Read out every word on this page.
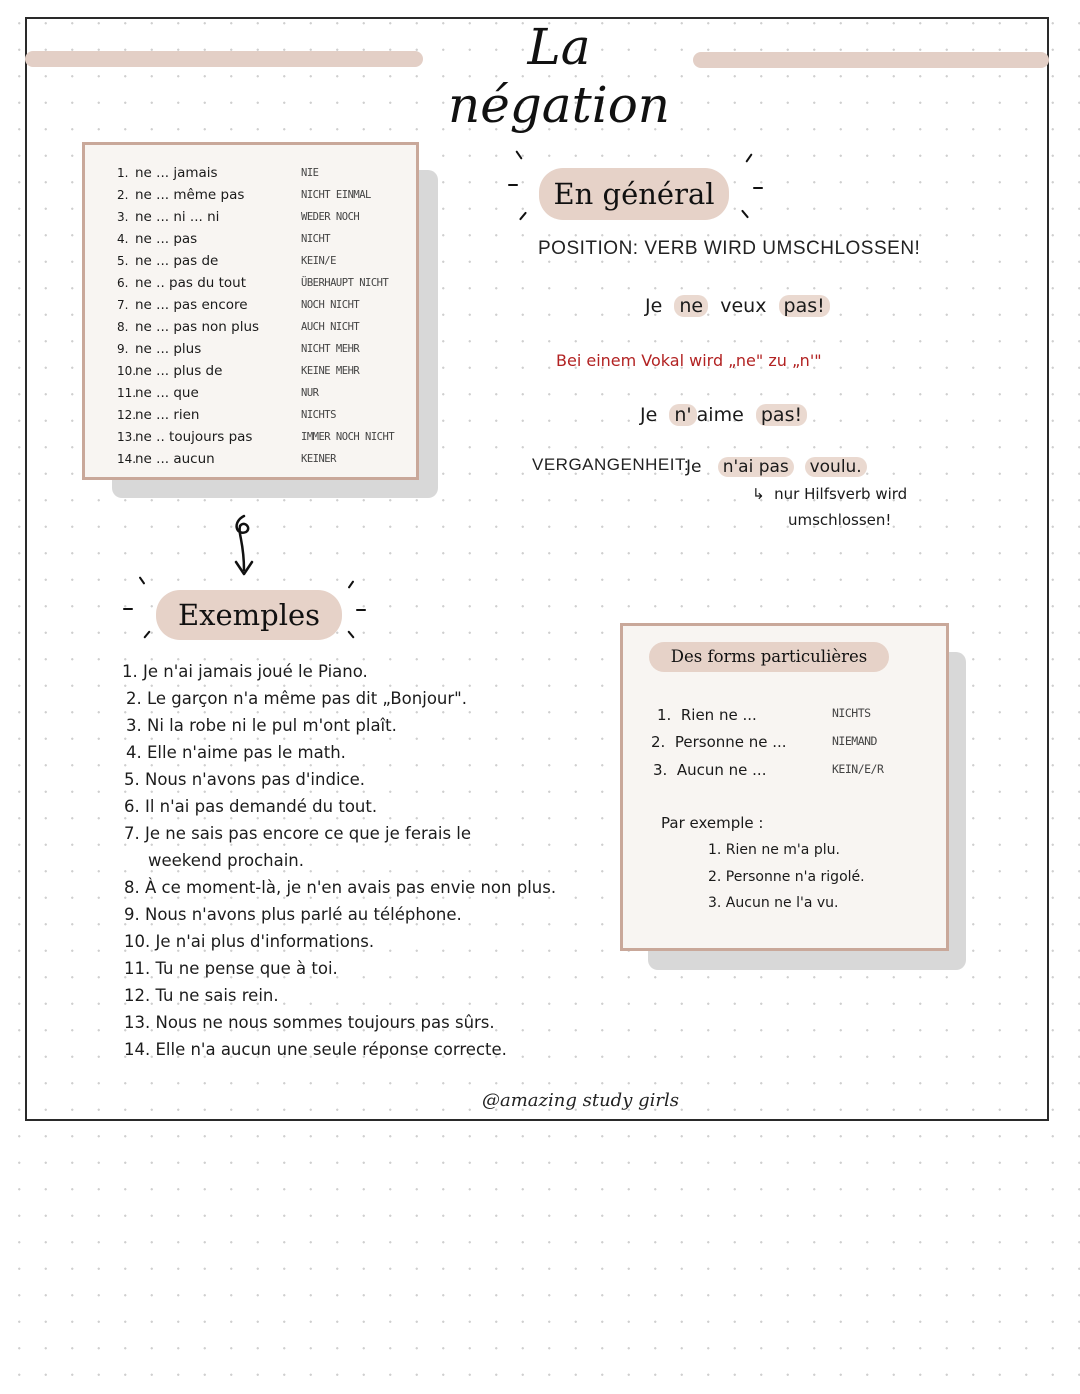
La négation
1. ne ... jamais	NIE
2. ne ... même pas	NICHT EINMAL
3. ne ... ni ... ni	WEDER NOCH
4. ne ... pas	NICHT
5. ne ... pas de	KEIN/E
6. ne .. pas du tout	ÜBERHAUPT NICHT
7. ne ... pas encore	NOCH NICHT
8. ne ... pas non plus	AUCH NICHT
9. ne ... plus	NICHT MEHR
10.ne ... plus de	KEINE MEHR
11.ne ... que	NUR
12.ne ... rien	NICHTS
13.ne .. toujours pas	IMMER NOCH NICHT
14.ne ... aucun	KEINER
Exemples
1. Je n'ai jamais joué le Piano.
2. Le garçon n'a même pas dit „Bonjour".
3. Ni la robe ni le pul m'ont plaît.
4. Elle n'aime pas le math.
5. Nous n'avons pas d'indice.
6. Il n'ai pas demandé du tout.
7. Je ne sais pas encore ce que je ferais le
weekend prochain.
8. À ce moment-là, je n'en avais pas envie non plus.
9. Nous n'avons plus parlé au téléphone.
10. Je n'ai plus d'informations.
11. Tu ne pense que à toi.
12. Tu ne sais rein.
13. Nous ne nous sommes toujours pas sûrs.
14. Elle n'a aucun une seule réponse correcte.
En général
POSITION: VERB WIRD UMSCHLOSSEN!
Je ne veux pas!
Bei einem Vokal wird „ne" zu „n'"
Je n' aime pas!
VERGANGENHEIT:
Je n'ai pas voulu.
↳ nur Hilfsverb wird
umschlossen!
Des forms particulières
1. Rien ne ...	NICHTS
2. Personne ne ...	NIEMAND
3. Aucun ne ...	KEIN/E/R
Par exemple :
1. Rien ne m'a plu.
2. Personne n'a rigolé.
3. Aucun ne l'a vu.
@amazing study girls
